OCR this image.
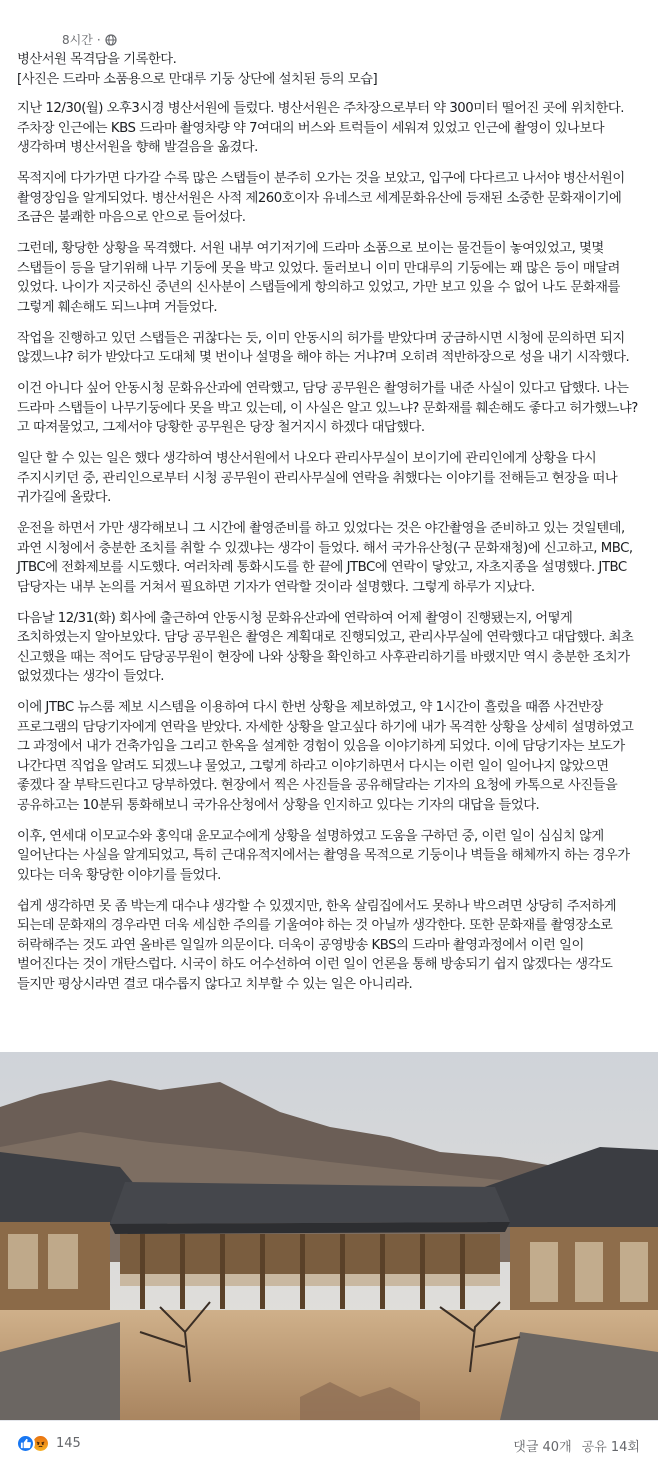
8시간 ·

병산서원 목격담을 기록한다.
[사진은 드라마 소품용으로 만대루 기둥 상단에 설치된 등의 모습]

지난 12/30(월) 오후3시경 병산서원에 들렀다. 병산서원은 주차장으로부터 약 300미터 떨어진 곳에 위치한다. 주차장 인근에는 KBS 드라마 촬영차량 약 7여대의 버스와 트럭들이 세워져 있었고 인근에 촬영이 있나보다 생각하며 병산서원을 향해 발걸음을 옮겼다.

목적지에 다가가면 다가갈 수록 많은 스탭들이 분주히 오가는 것을 보았고, 입구에 다다르고 나서야 병산서원이 촬영장임을 알게되었다. 병산서원은 사적 제260호이자 유네스코 세계문화유산에 등재된 소중한 문화재이기에 조금은 불쾌한 마음으로 안으로 들어섰다.

그런데, 황당한 상황을 목격했다. 서원 내부 여기저기에 드라마 소품으로 보이는 물건들이 놓여있었고, 몇몇 스탭들이 등을 달기위해 나무 기둥에 못을 박고 있었다. 둘러보니 이미 만대루의 기둥에는 꽤 많은 등이 매달려 있었다. 나이가 지긋하신 중년의 신사분이 스탭들에게 항의하고 있었고, 가만 보고 있을 수 없어 나도 문화재를 그렇게 훼손해도 되느냐며 거들었다.

작업을 진행하고 있던 스탭들은 귀찮다는 듯, 이미 안동시의 허가를 받았다며 궁금하시면 시청에 문의하면 되지 않겠느냐? 허가 받았다고 도대체 몇 번이나 설명을 해야 하는 거냐?며 오히려 적반하장으로 성을 내기 시작했다.

이건 아니다 싶어 안동시청 문화유산과에 연락했고, 담당 공무원은 촬영허가를 내준 사실이 있다고 답했다. 나는 드라마 스탭들이 나무기둥에다 못을 박고 있는데, 이 사실은 알고 있느냐? 문화재를 훼손해도 좋다고 허가했느냐?고 따져물었고, 그제서야 당황한 공무원은 당장 철거지시 하겠다 대답했다.

일단 할 수 있는 일은 했다 생각하여 병산서원에서 나오다 관리사무실이 보이기에 관리인에게 상황을 다시 주지시키던 중, 관리인으로부터 시청 공무원이 관리사무실에 연락을 취했다는 이야기를 전해듣고 현장을 떠나 귀가길에 올랐다.

운전을 하면서 가만 생각해보니 그 시간에 촬영준비를 하고 있었다는 것은 야간촬영을 준비하고 있는 것일텐데, 과연 시청에서 충분한 조치를 취할 수 있겠냐는 생각이 들었다. 해서 국가유산청(구 문화재청)에 신고하고, MBC, JTBC에 전화제보를 시도했다. 여러차례 통화시도를 한 끝에 JTBC에 연락이 닿았고, 자초지종을 설명했다. JTBC 담당자는 내부 논의를 거쳐서 필요하면 기자가 연락할 것이라 설명했다. 그렇게 하루가 지났다.

다음날 12/31(화) 회사에 출근하여 안동시청 문화유산과에 연락하여 어제 촬영이 진행됐는지, 어떻게 조치하였는지 알아보았다. 담당 공무원은 촬영은 계획대로 진행되었고, 관리사무실에 연락했다고 대답했다. 최초 신고했을 때는 적어도 담당공무원이 현장에 나와 상황을 확인하고 사후관리하기를 바랬지만 역시 충분한 조치가 없었겠다는 생각이 들었다.

이에 JTBC 뉴스룸 제보 시스템을 이용하여 다시 한번 상황을 제보하였고, 약 1시간이 흘렀을 때쯤 사건반장 프로그램의 담당기자에게 연락을 받았다. 자세한 상황을 알고싶다 하기에 내가 목격한 상황을 상세히 설명하였고 그 과정에서 내가 건축가임을 그리고 한옥을 설계한 경험이 있음을 이야기하게 되었다. 이에 담당기자는 보도가 나간다면 직업을 알려도 되겠느냐 물었고, 그렇게 하라고 이야기하면서 다시는 이런 일이 일어나지 않았으면 좋겠다 잘 부탁드린다고 당부하였다. 현장에서 찍은 사진들을 공유해달라는 기자의 요청에 카톡으로 사진들을 공유하고는 10분뒤 통화해보니 국가유산청에서 상황을 인지하고 있다는 기자의 대답을 들었다.

이후, 연세대 이모교수와 홍익대 윤모교수에게 상황을 설명하였고 도움을 구하던 중, 이런 일이 심심치 않게 일어난다는 사실을 알게되었고, 특히 근대유적지에서는 촬영을 목적으로 기둥이나 벽들을 해체까지 하는 경우가 있다는 더욱 황당한 이야기를 들었다.

쉽게 생각하면 못 좀 박는게 대수냐 생각할 수 있겠지만, 한옥 살림집에서도 못하나 박으려면 상당히 주저하게 되는데 문화재의 경우라면 더욱 세심한 주의를 기울여야 하는 것 아닐까 생각한다. 또한 문화재를 촬영장소로 허락해주는 것도 과연 올바른 일일까 의문이다. 더욱이 공영방송 KBS의 드라마 촬영과정에서 이런 일이 벌어진다는 것이 개탄스럽다. 시국이 하도 어수선하여 이런 일이 언론을 통해 방송되기 쉽지 않겠다는 생각도 들지만 평상시라면 결코 대수롭지 않다고 치부할 수 있는 일은 아니리라.

145	댓글 40개 공유 14회
